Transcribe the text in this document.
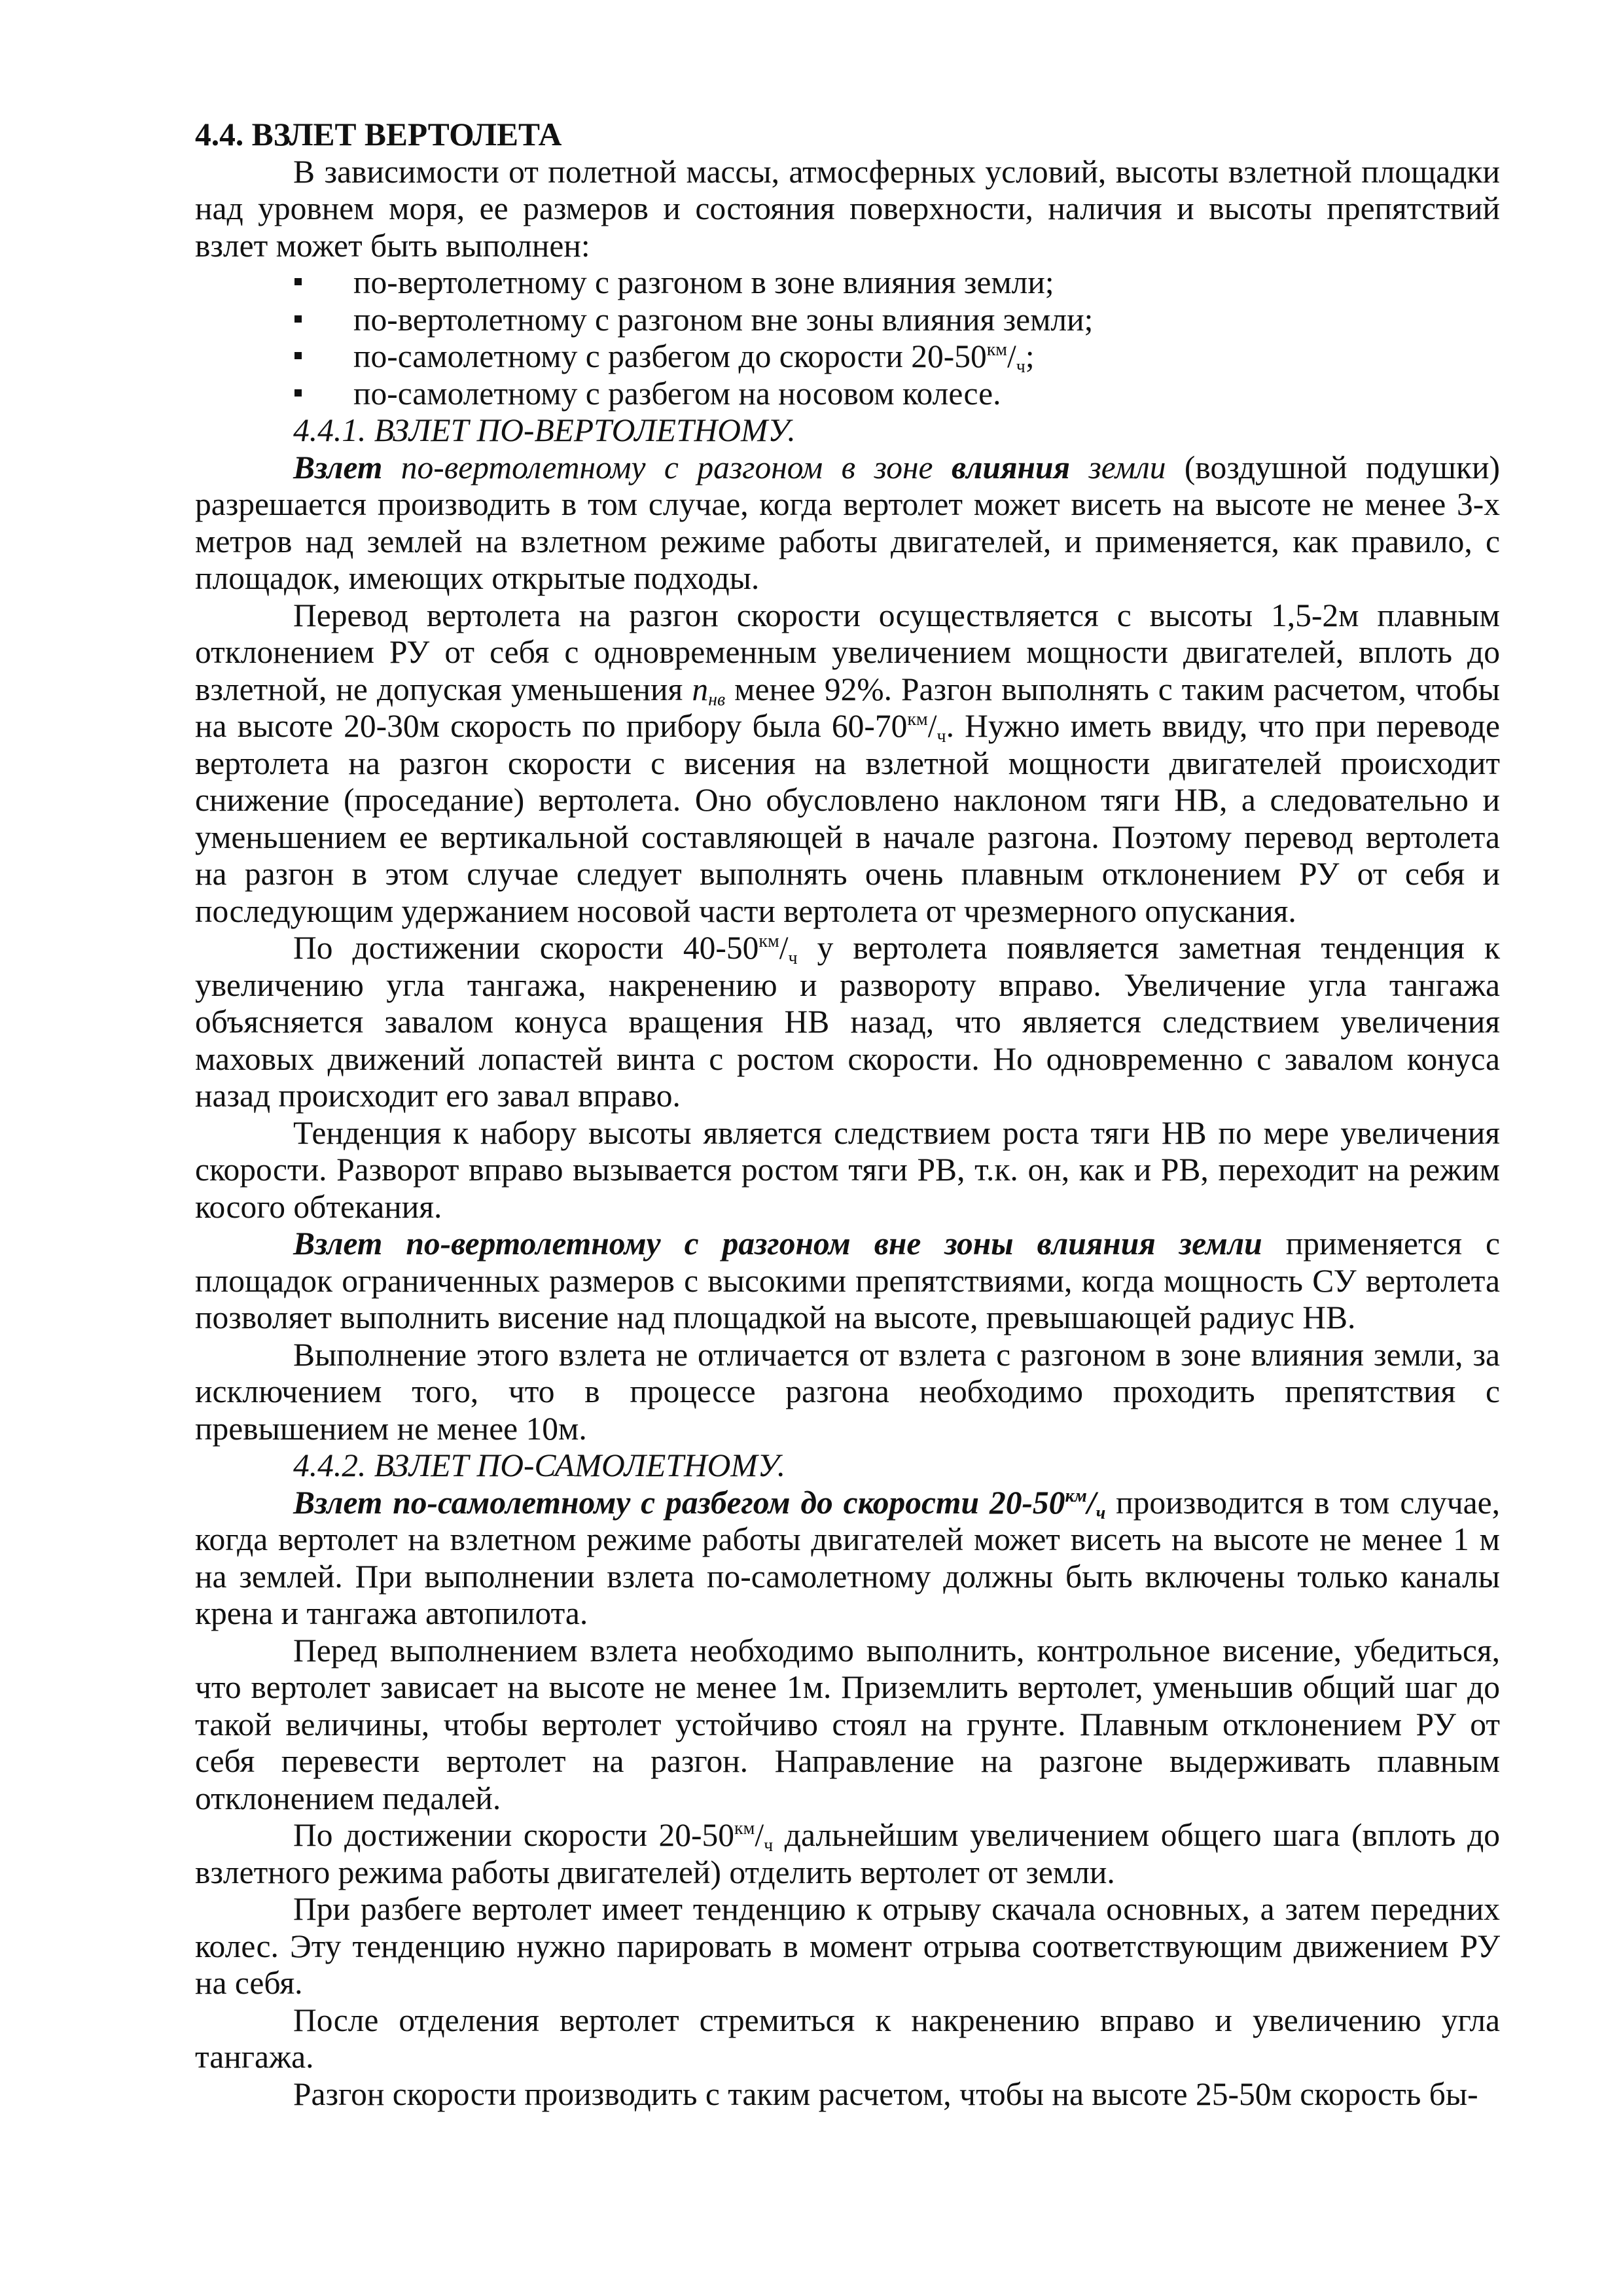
4.4. ВЗЛЕТ ВЕРТОЛЕТА

В зависимости от полетной массы, атмосферных условий, высоты взлетной площадки над уровнем моря, ее размеров и состояния поверхности, наличия и высоты препятствий взлет может быть выполнен:

по-вертолетному с разгоном в зоне влияния земли;
по-вертолетному с разгоном вне зоны влияния земли;
по-самолетному с разбегом до скорости $20-50^{км}/_ч$;
по-самолетному с разбегом на носовом колесе.

4.4.1. ВЗЛЕТ ПО-ВЕРТОЛЕТНОМУ.

Взлет по-вертолетному с разгоном в зоне влияния земли (воздушной подушки) разрешается производить в том случае, когда вертолет может висеть на высоте не менее 3-х метров над землей на взлетном режиме работы двигателей, и применяется, как правило, с площадок, имеющих открытые подходы.

Перевод вертолета на разгон скорости осуществляется с высоты 1,5-2м плавным отклонением РУ от себя с одновременным увеличением мощности двигателей, вплоть до взлетной, не допуская уменьшения $n_{нв}$ менее 92%. Разгон выполнять с таким расчетом, чтобы на высоте 20-30м скорость по прибору была $60-70^{км}/_ч$. Нужно иметь ввиду, что при переводе вертолета на разгон скорости с висения на взлетной мощности двигателей происходит снижение (проседание) вертолета. Оно обусловлено наклоном тяги НВ, а следовательно и уменьшением ее вертикальной составляющей в начале разгона. Поэтому перевод вертолета на разгон в этом случае следует выполнять очень плавным отклонением РУ от себя и последующим удержанием носовой части вертолета от чрезмерного опускания.

По достижении скорости $40-50^{км}/_ч$ у вертолета появляется заметная тенденция к увеличению угла тангажа, накренению и развороту вправо. Увеличение угла тангажа объясняется завалом конуса вращения НВ назад, что является следствием увеличения маховых движений лопастей винта с ростом скорости. Но одновременно с завалом конуса назад происходит его завал вправо.

Тенденция к набору высоты является следствием роста тяги НВ по мере увеличения скорости. Разворот вправо вызывается ростом тяги РВ, т.к. он, как и РВ, переходит на режим косого обтекания.

Взлет по-вертолетному с разгоном вне зоны влияния земли применяется с площадок ограниченных размеров с высокими препятствиями, когда мощность СУ вертолета позволяет выполнить висение над площадкой на высоте, превышающей радиус НВ.

Выполнение этого взлета не отличается от взлета с разгоном в зоне влияния земли, за исключением того, что в процессе разгона необходимо проходить препятствия с превышением не менее 10м.

4.4.2. ВЗЛЕТ ПО-САМОЛЕТНОМУ.

Взлет по-самолетному с разбегом до скорости $20-50^{км}/_ч$ производится в том случае, когда вертолет на взлетном режиме работы двигателей может висеть на высоте не менее 1 м на землей. При выполнении взлета по-самолетному должны быть включены только каналы крена и тангажа автопилота.

Перед выполнением взлета необходимо выполнить, контрольное висение, убедиться, что вертолет зависает на высоте не менее 1м. Приземлить вертолет, уменьшив общий шаг до такой величины, чтобы вертолет устойчиво стоял на грунте. Плавным отклонением РУ от себя перевести вертолет на разгон. Направление на разгоне выдерживать плавным отклонением педалей.

По достижении скорости $20-50^{км}/_ч$ дальнейшим увеличением общего шага (вплоть до взлетного режима работы двигателей) отделить вертолет от земли.

При разбеге вертолет имеет тенденцию к отрыву скачала основных, а затем передних колес. Эту тенденцию нужно парировать в момент отрыва соответствующим движением РУ на себя.

После отделения вертолет стремиться к накренению вправо и увеличению угла тангажа.

Разгон скорости производить с таким расчетом, чтобы на высоте 25-50м скорость бы-
